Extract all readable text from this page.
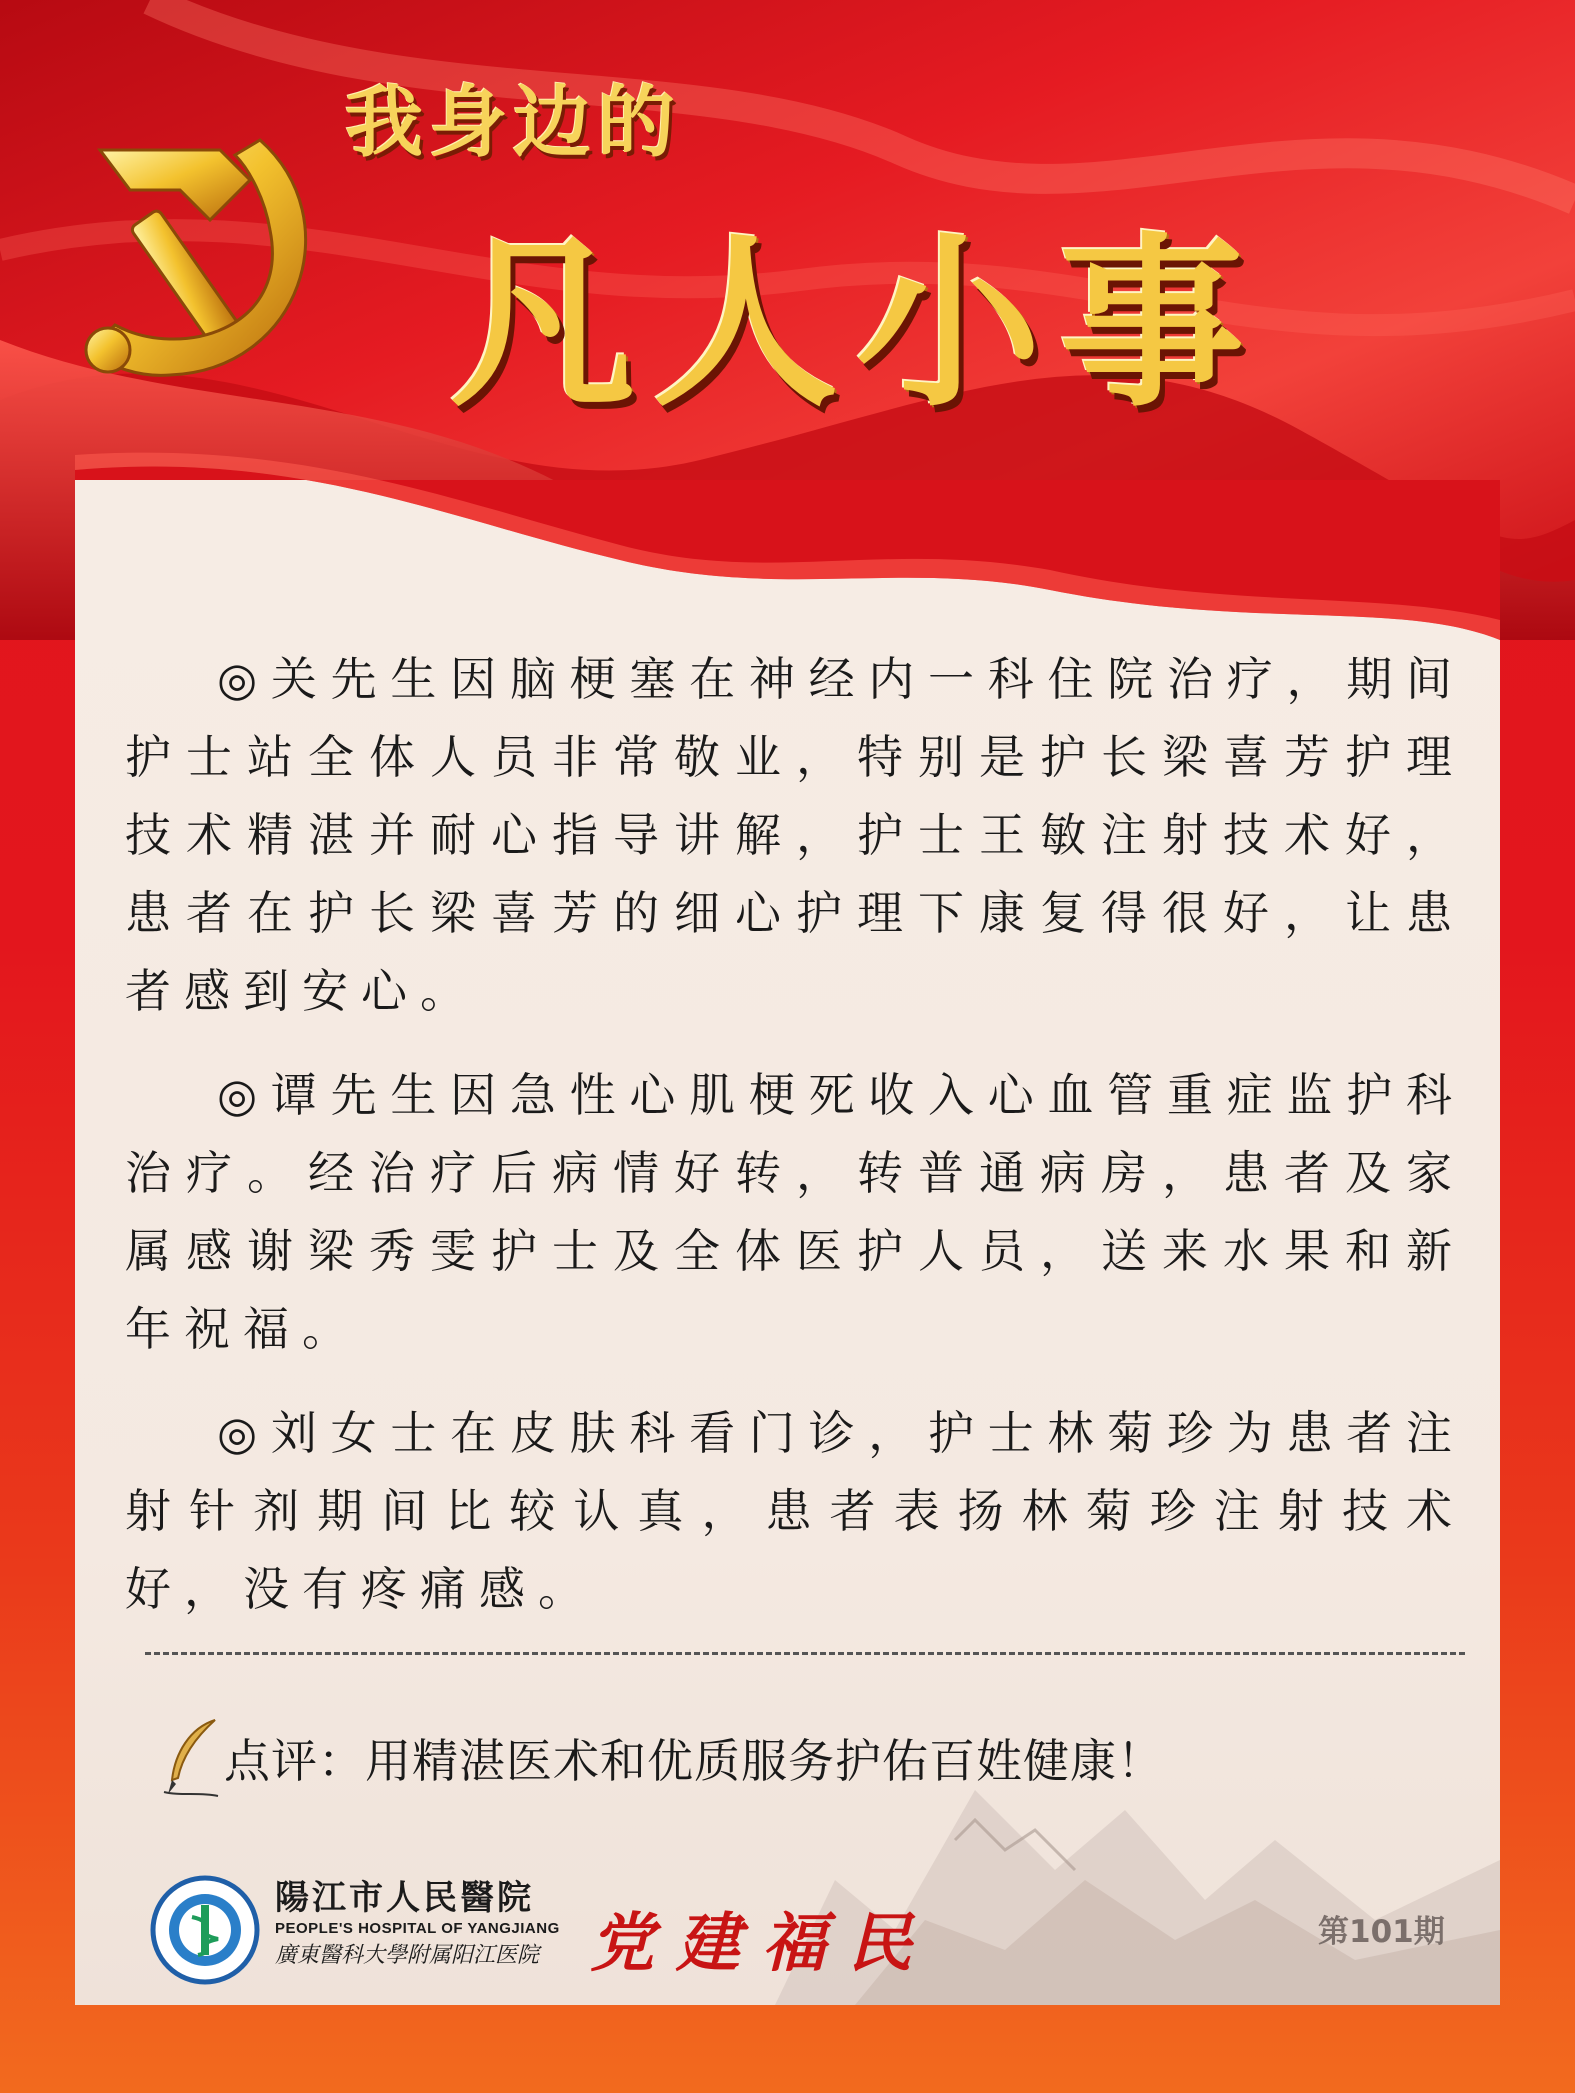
我身边的
凡人小事

◎关先生因脑梗塞在神经内一科住院治疗，期间护士站全体人员非常敬业，特别是护长梁喜芳护理技术精湛并耐心指导讲解，护士王敏注射技术好，患者在护长梁喜芳的细心护理下康复得很好，让患者感到安心。

◎谭先生因急性心肌梗死收入心血管重症监护科治疗。经治疗后病情好转，转普通病房，患者及家属感谢梁秀雯护士及全体医护人员，送来水果和新年祝福。

◎刘女士在皮肤科看门诊，护士林菊珍为患者注射针剂期间比较认真，患者表扬林菊珍注射技术好，没有疼痛感。

点评：用精湛医术和优质服务护佑百姓健康！
陽江市人民醫院
PEOPLE'S HOSPITAL OF YANGJIANG
廣東醫科大學附属阳江医院 党建福民	第101期
